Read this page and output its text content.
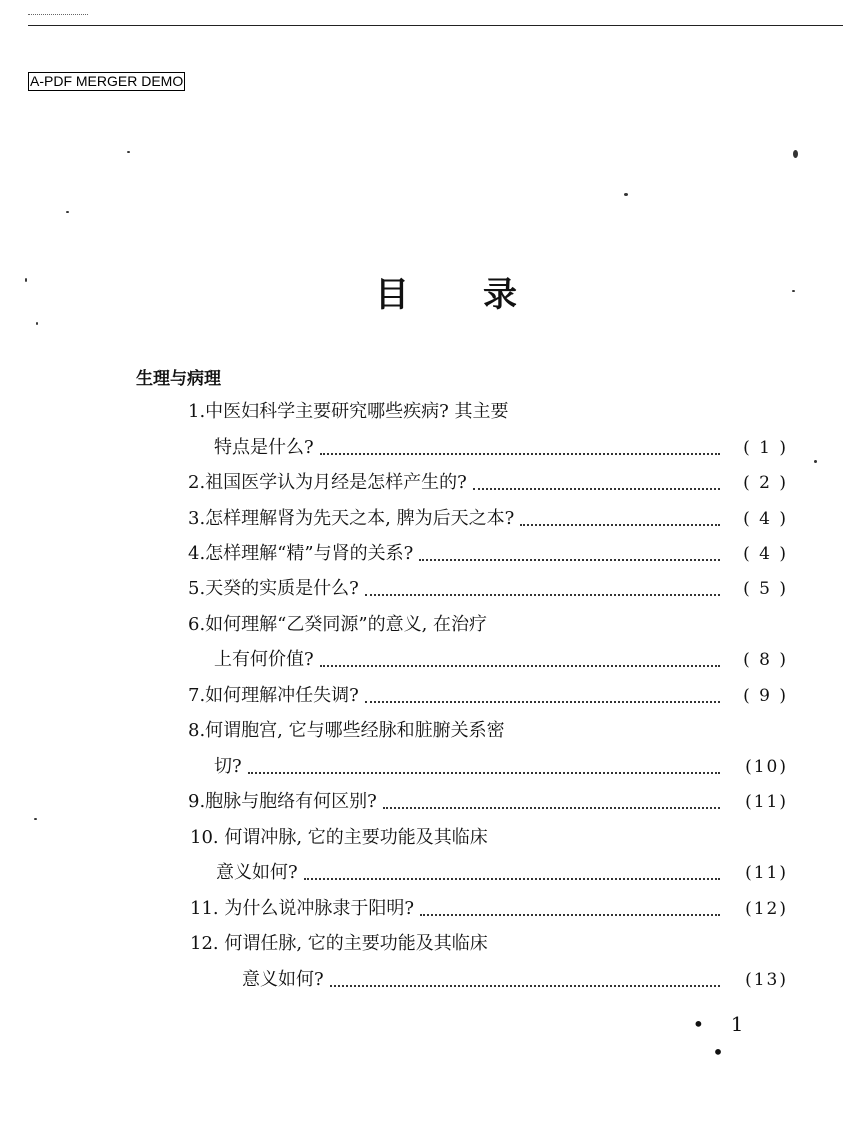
A-PDF MERGER DEMO
目 录
生理与病理
1.中医妇科学主要研究哪些疾病? 其主要
特点是什么?	( 1 )
2.祖国医学认为月经是怎样产生的?	( 2 )
3.怎样理解肾为先天之本, 脾为后天之本?	( 4 )
4.怎样理解“精”与肾的关系?	( 4 )
5.天癸的实质是什么?	( 5 )
6.如何理解“乙癸同源”的意义, 在治疗
上有何价值?	( 8 )
7.如何理解冲任失调?	( 9 )
8.何谓胞宫, 它与哪些经脉和脏腑关系密
切?	(10)
9.胞脉与胞络有何区别?	(11)
10. 何谓冲脉, 它的主要功能及其临床
意义如何?	(11)
11. 为什么说冲脉隶于阳明?	(12)
12. 何谓任脉, 它的主要功能及其临床
意义如何?	(13)
• 1 •
